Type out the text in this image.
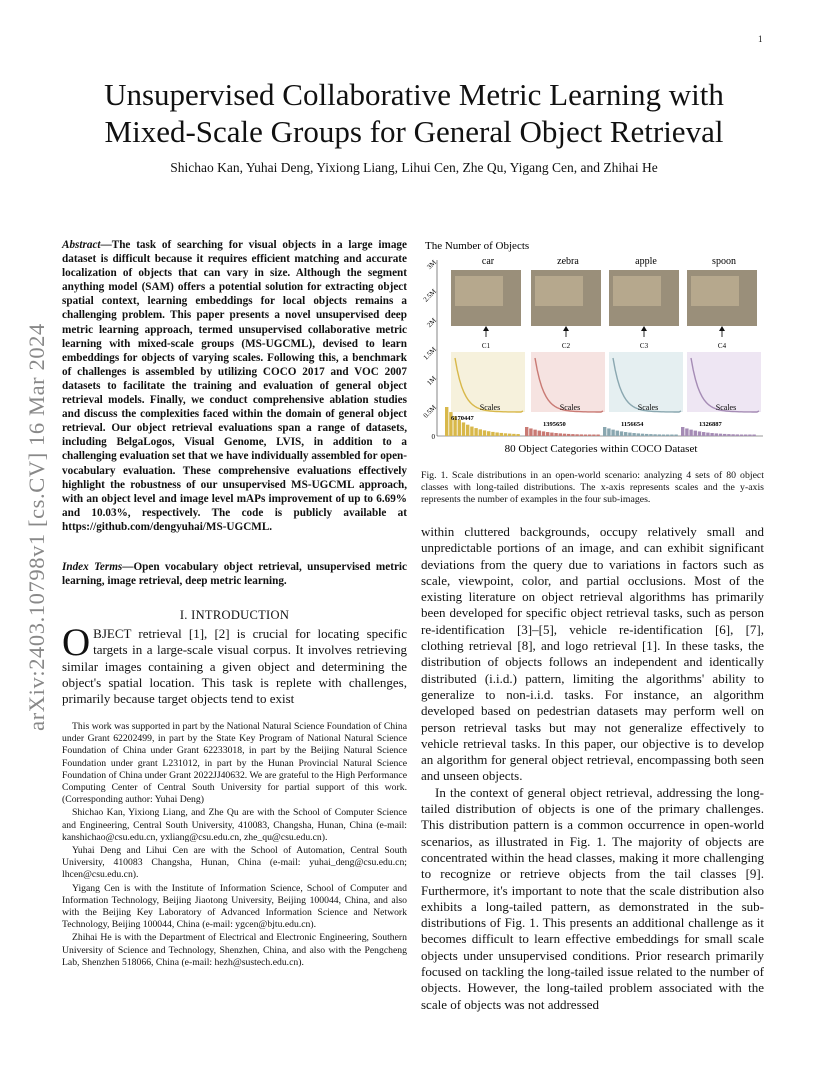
1
arXiv:2403.10798v1 [cs.CV] 16 Mar 2024
Unsupervised Collaborative Metric Learning with
Mixed-Scale Groups for General Object Retrieval
Shichao Kan, Yuhai Deng, Yixiong Liang, Lihui Cen, Zhe Qu, Yigang Cen, and Zhihai He
Abstract—The task of searching for visual objects in a large image dataset is difficult because it requires efficient matching and accurate localization of objects that can vary in size. Although the segment anything model (SAM) offers a potential solution for extracting object spatial context, learning embeddings for local objects remains a challenging problem. This paper presents a novel unsupervised deep metric learning approach, termed unsupervised collaborative metric learning with mixed-scale groups (MS-UGCML), devised to learn embeddings for objects of varying scales. Following this, a benchmark of challenges is assembled by utilizing COCO 2017 and VOC 2007 datasets to facilitate the training and evaluation of general object retrieval models. Finally, we conduct comprehensive ablation studies and discuss the complexities faced within the domain of general object retrieval. Our object retrieval evaluations span a range of datasets, including BelgaLogos, Visual Genome, LVIS, in addition to a challenging evaluation set that we have individually assembled for open-vocabulary evaluation. These comprehensive evaluations effectively highlight the robustness of our unsupervised MS-UGCML approach, with an object level and image level mAPs improvement of up to 6.69% and 10.03%, respectively. The code is publicly available at https://github.com/dengyuhai/MS-UGCML.
Index Terms—Open vocabulary object retrieval, unsupervised metric learning, image retrieval, deep metric learning.
I. INTRODUCTION
OBJECT retrieval [1], [2] is crucial for locating specific targets in a large-scale visual corpus. It involves retrieving similar images containing a given object and determining the object's spatial location. This task is replete with challenges, primarily because target objects tend to exist

This work was supported in part by the National Natural Science Foundation of China under Grant 62202499, in part by the State Key Program of National Natural Science Foundation of China under Grant 62233018, in part by the Beijing Natural Science Foundation under grant L231012, in part by the Hunan Provincial Natural Science Foundation of China under Grant 2022JJ40632. We are grateful to the High Performance Computing Center of Central South University for partial support of this work. (Corresponding author: Yuhai Deng)

Shichao Kan, Yixiong Liang, and Zhe Qu are with the School of Computer Science and Engineering, Central South University, 410083, Changsha, Hunan, China (e-mail: kanshichao@csu.edu.cn, yxliang@csu.edu.cn, zhe_qu@csu.edu.cn).

Yuhai Deng and Lihui Cen are with the School of Automation, Central South University, 410083 Changsha, Hunan, China (e-mail: yuhai_deng@csu.edu.cn; lhcen@csu.edu.cn).

Yigang Cen is with the Institute of Information Science, School of Computer and Information Technology, Beijing Jiaotong University, Beijing 100044, China, and also with the Beijing Key Laboratory of Advanced Information Science and Network Technology, Beijing 100044, China (e-mail: ygcen@bjtu.edu.cn).

Zhihai He is with the Department of Electrical and Electronic Engineering, Southern University of Science and Technology, Shenzhen, China, and also with the Pengcheng Lab, Shenzhen 518066, China (e-mail: hezh@sustech.edu.cn).

The Number of Objects
0
0.5M
1M
1.5M
2M
2.5M
3M	car
C1
Scales
6170447
zebra
C2
Scales
1395650
apple
C3
Scales
1156654
spoon
C4
Scales
1326887
80 Object Categories within COCO Dataset
Fig. 1. Scale distributions in an open-world scenario: analyzing 4 sets of 80 object classes with long-tailed distributions. The x-axis represents scales and the y-axis represents the number of examples in the four sub-images.

within cluttered backgrounds, occupy relatively small and unpredictable portions of an image, and can exhibit significant deviations from the query due to variations in factors such as scale, viewpoint, color, and partial occlusions. Most of the existing literature on object retrieval algorithms has primarily been developed for specific object retrieval tasks, such as person re-identification [3]–[5], vehicle re-identification [6], [7], clothing retrieval [8], and logo retrieval [1]. In these tasks, the distribution of objects follows an independent and identically distributed (i.i.d.) pattern, limiting the algorithms' ability to generalize to non-i.i.d. tasks. For instance, an algorithm developed based on pedestrian datasets may perform well on person retrieval tasks but may not generalize effectively to vehicle retrieval tasks. In this paper, our objective is to develop an algorithm for general object retrieval, encompassing both seen and unseen objects.

In the context of general object retrieval, addressing the long-tailed distribution of objects is one of the primary challenges. This distribution pattern is a common occurrence in open-world scenarios, as illustrated in Fig. 1. The majority of objects are concentrated within the head classes, making it more challenging to recognize or retrieve objects from the tail classes [9]. Furthermore, it's important to note that the scale distribution also exhibits a long-tailed pattern, as demonstrated in the sub-distributions of Fig. 1. This presents an additional challenge as it becomes difficult to learn effective embeddings for small scale objects under unsupervised conditions. Prior research primarily focused on tackling the long-tailed issue related to the number of objects. However, the long-tailed problem associated with the scale of objects was not addressed
